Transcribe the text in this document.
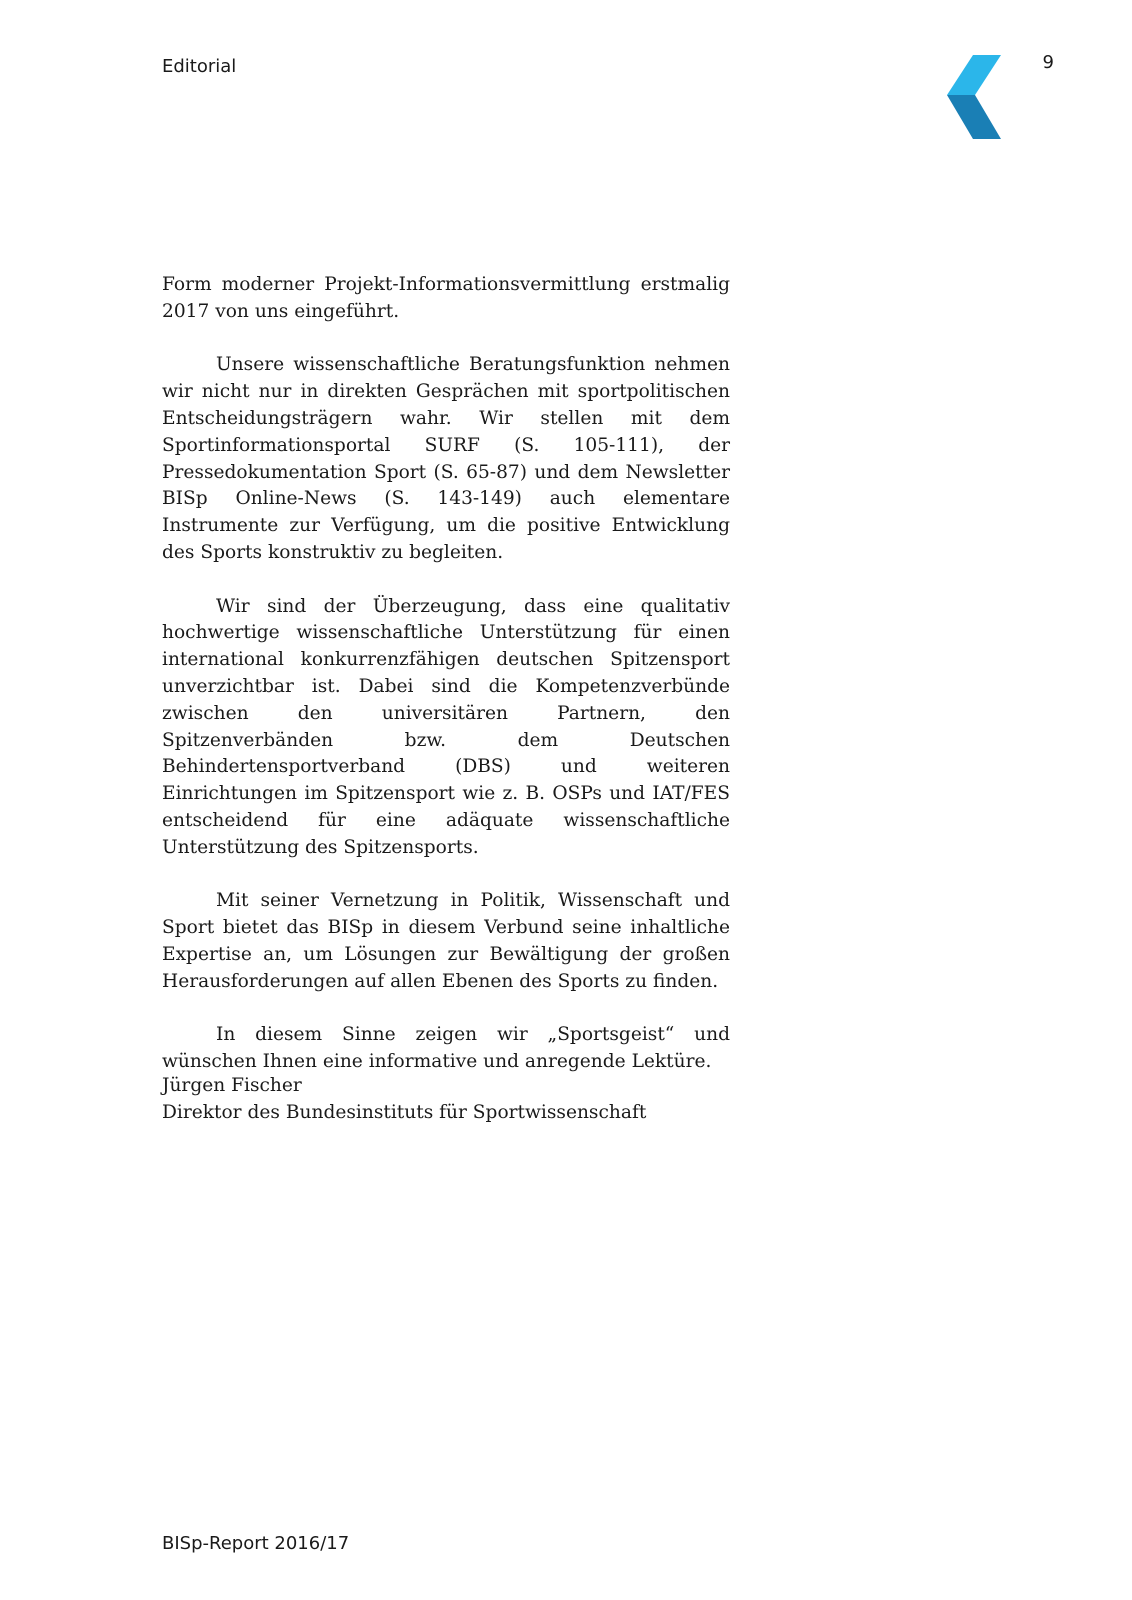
Editorial	9

Form moderner Projekt-Informationsvermittlung erstmalig 2017 von uns eingeführt.

Unsere wissenschaftliche Beratungsfunktion nehmen wir nicht nur in direkten Gesprächen mit sportpolitischen Entscheidungsträgern wahr. Wir stellen mit dem Sportinformationsportal SURF (S. 105-111), der Pressedokumentation Sport (S. 65-87) und dem Newsletter BISp Online-News (S. 143-149) auch elementare Instrumente zur Verfügung, um die positive Entwicklung des Sports konstruktiv zu begleiten.

Wir sind der Überzeugung, dass eine qualitativ hochwertige wissenschaftliche Unterstützung für einen international konkurrenzfähigen deutschen Spitzensport unverzichtbar ist. Dabei sind die Kompetenzverbünde zwischen den universitären Partnern, den Spitzenverbänden bzw. dem Deutschen Behindertensportverband (DBS) und weiteren Einrichtungen im Spitzensport wie z. B. OSPs und IAT/FES entscheidend für eine adäquate wissenschaftliche Unterstützung des Spitzensports.

Mit seiner Vernetzung in Politik, Wissenschaft und Sport bietet das BISp in diesem Verbund seine inhaltliche Expertise an, um Lösungen zur Bewältigung der großen Herausforderungen auf allen Ebenen des Sports zu finden.

In diesem Sinne zeigen wir „Sportsgeist“ und wünschen Ihnen eine informative und anregende Lektüre.

Jürgen Fischer
Direktor des Bundesinstituts für Sportwissenschaft
BISp-Report 2016/17
